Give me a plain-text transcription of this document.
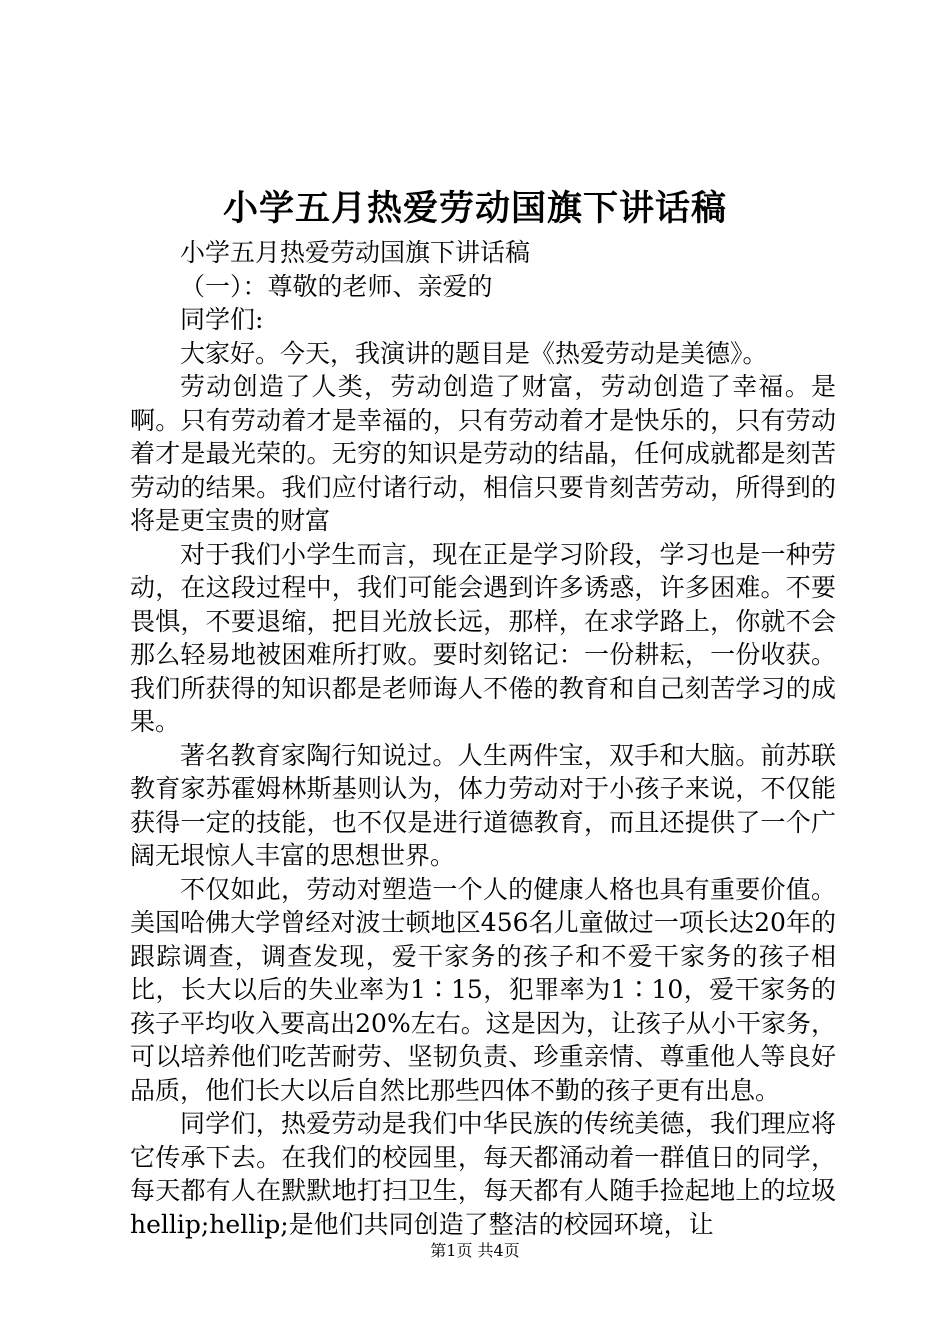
小学五月热爱劳动国旗下讲话稿

小学五月热爱劳动国旗下讲话稿

（一）：尊敬的老师、亲爱的

同学们:

大家好。今天，我演讲的题目是《热爱劳动是美德》。

劳动创造了人类，劳动创造了财富，劳动创造了幸福。是啊。只有劳动着才是幸福的，只有劳动着才是快乐的，只有劳动着才是最光荣的。无穷的知识是劳动的结晶，任何成就都是刻苦劳动的结果。我们应付诸行动，相信只要肯刻苦劳动，所得到的将是更宝贵的财富

对于我们小学生而言，现在正是学习阶段，学习也是一种劳动，在这段过程中，我们可能会遇到许多诱惑，许多困难。不要畏惧，不要退缩，把目光放长远，那样，在求学路上，你就不会那么轻易地被困难所打败。要时刻铭记：一份耕耘，一份收获。我们所获得的知识都是老师诲人不倦的教育和自己刻苦学习的成果。

著名教育家陶行知说过。人生两件宝，双手和大脑。前苏联教育家苏霍姆林斯基则认为，体力劳动对于小孩子来说，不仅能获得一定的技能，也不仅是进行道德教育，而且还提供了一个广阔无垠惊人丰富的思想世界。

不仅如此，劳动对塑造一个人的健康人格也具有重要价值。美国哈佛大学曾经对波士顿地区456名儿童做过一项长达20年的跟踪调查，调查发现，爱干家务的孩子和不爱干家务的孩子相比，长大以后的失业率为1∶15，犯罪率为1∶10，爱干家务的孩子平均收入要高出20%左右。这是因为，让孩子从小干家务，可以培养他们吃苦耐劳、坚韧负责、珍重亲情、尊重他人等良好品质，他们长大以后自然比那些四体不勤的孩子更有出息。

同学们，热爱劳动是我们中华民族的传统美德，我们理应将它传承下去。在我们的校园里，每天都涌动着一群值日的同学，每天都有人在默默地打扫卫生，每天都有人随手捡起地上的垃圾hellip;hellip;是他们共同创造了整洁的校园环境，让

第1页 共4页
